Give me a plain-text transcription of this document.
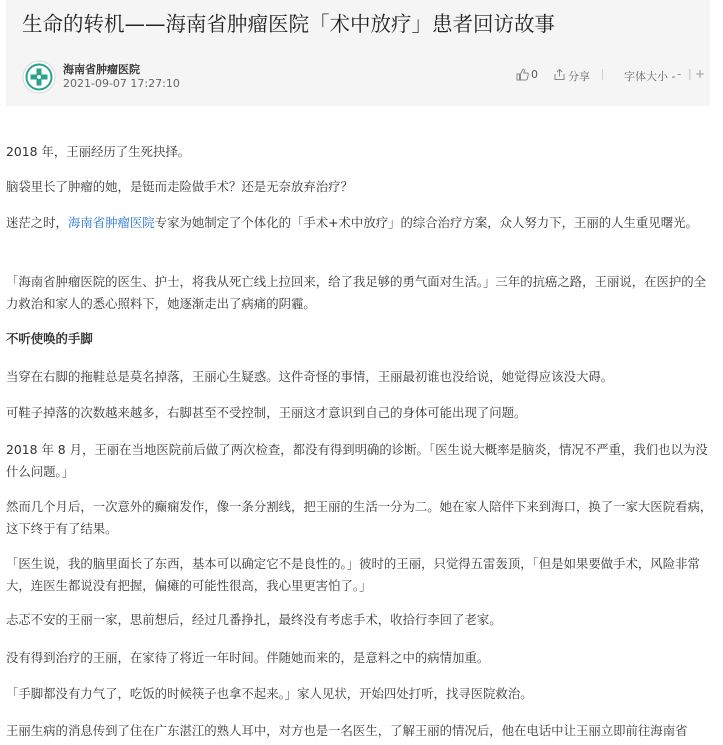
生命的转机——海南省肿瘤医院「术中放疗」患者回访故事
海南省肿瘤医院
2021-09-07 17:27:10
0	分享	字体大小 - - | +

2018 年，王丽经历了生死抉择。

脑袋里长了肿瘤的她，是铤而走险做手术？还是无奈放弃治疗？

迷茫之时，海南省肿瘤医院专家为她制定了个体化的「手术+术中放疗」的综合治疗方案，众人努力下，王丽的人生重见曙光。

「海南省肿瘤医院的医生、护士，将我从死亡线上拉回来，给了我足够的勇气面对生活。」三年的抗癌之路，王丽说，在医护的全力救治和家人的悉心照料下，她逐渐走出了病痛的阴霾。

不听使唤的手脚

当穿在右脚的拖鞋总是莫名掉落，王丽心生疑惑。这件奇怪的事情，王丽最初谁也没给说，她觉得应该没大碍。

可鞋子掉落的次数越来越多，右脚甚至不受控制，王丽这才意识到自己的身体可能出现了问题。

2018 年 8 月，王丽在当地医院前后做了两次检查，都没有得到明确的诊断。「医生说大概率是脑炎，情况不严重，我们也以为没什么问题。」

然而几个月后，一次意外的癫痫发作，像一条分割线，把王丽的生活一分为二。她在家人陪伴下来到海口，换了一家大医院看病，这下终于有了结果。

「医生说，我的脑里面长了东西，基本可以确定它不是良性的。」彼时的王丽，只觉得五雷轰顶，「但是如果要做手术，风险非常大，连医生都说没有把握，偏瘫的可能性很高，我心里更害怕了。」

忐忑不安的王丽一家，思前想后，经过几番挣扎，最终没有考虑手术，收拾行李回了老家。

没有得到治疗的王丽，在家待了将近一年时间。伴随她而来的，是意料之中的病情加重。

「手脚都没有力气了，吃饭的时候筷子也拿不起来。」家人见状，开始四处打听，找寻医院救治。

王丽生病的消息传到了住在广东湛江的熟人耳中，对方也是一名医生，了解王丽的情况后，他在电话中让王丽立即前往海南省
